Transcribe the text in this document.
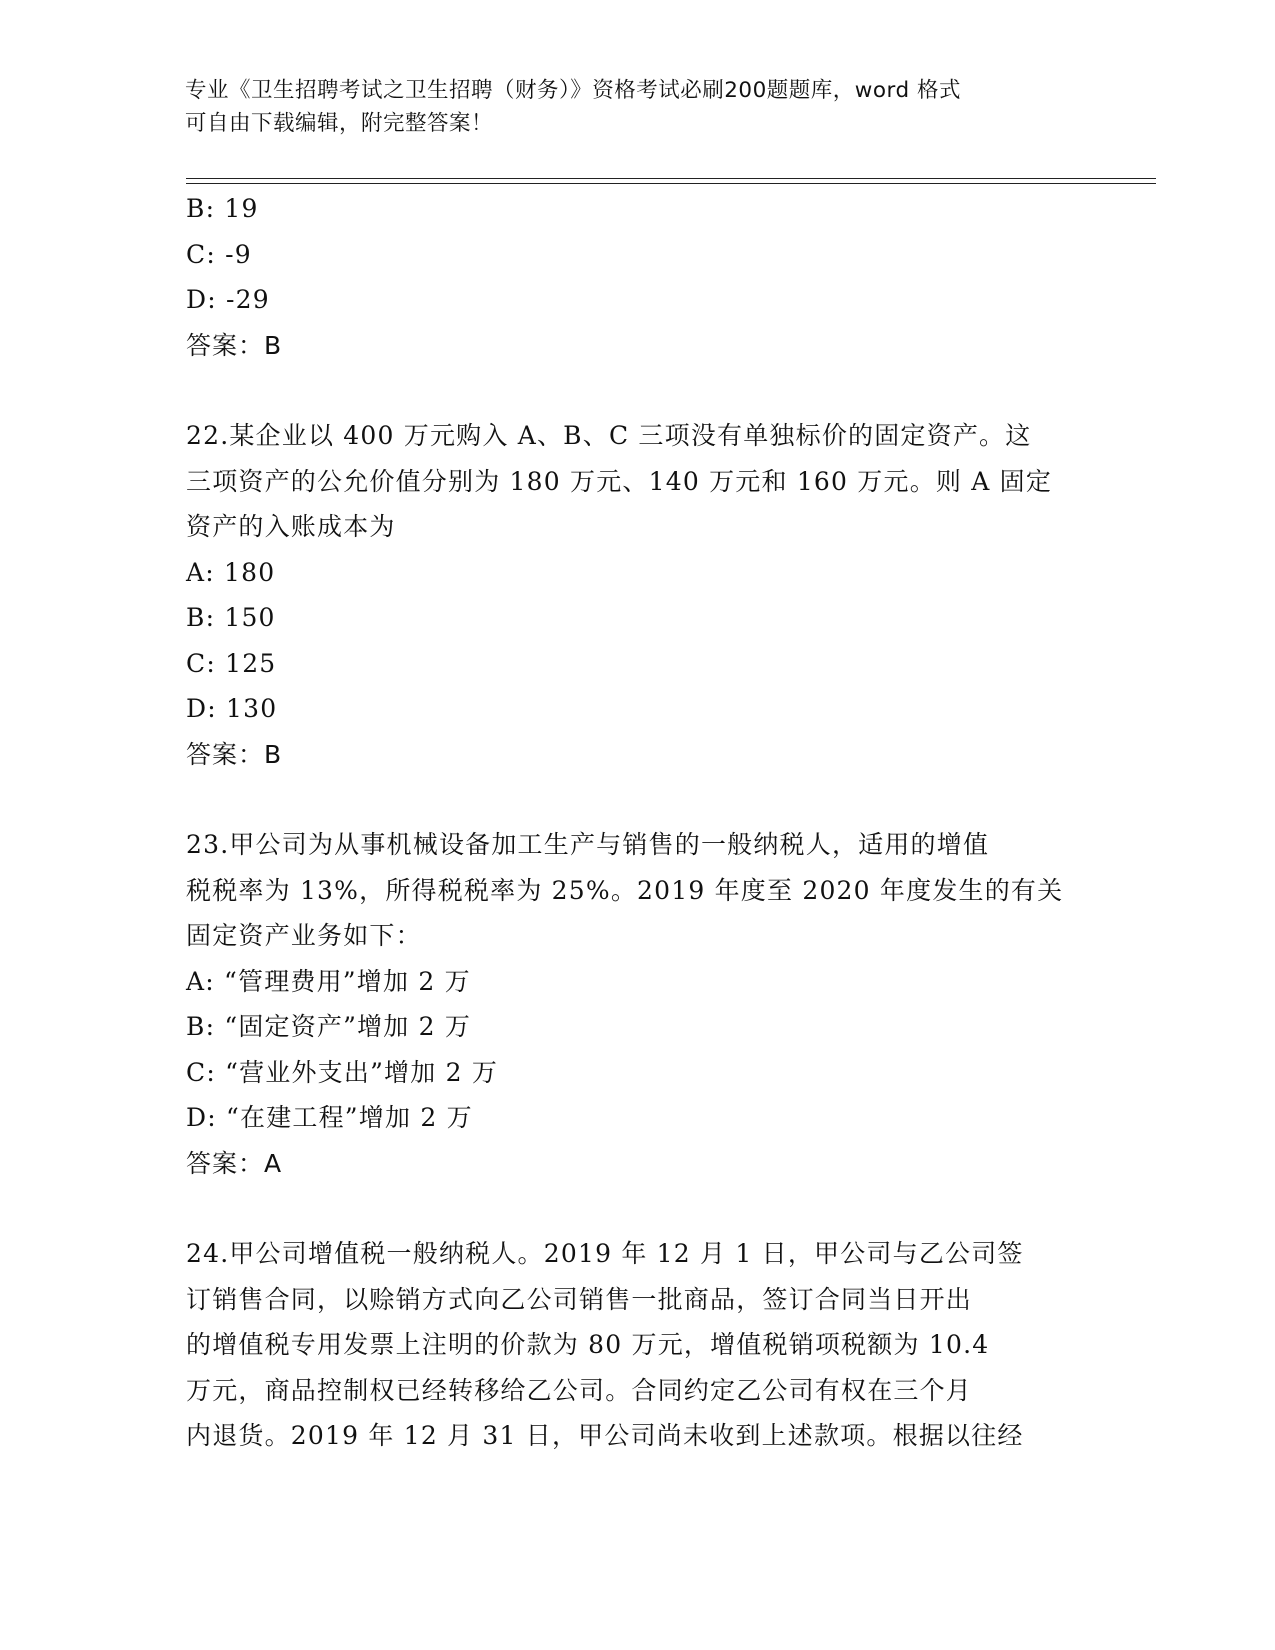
专业《卫生招聘考试之卫生招聘（财务）》资格考试必刷200题题库，word 格式
可自由下载编辑，附完整答案！
B: 19
C: -9
D: -29
答案：B
22.某企业以 400 万元购入 A、B、C 三项没有单独标价的固定资产。这
三项资产的公允价值分别为 180 万元、140 万元和 160 万元。则 A 固定
资产的入账成本为
A: 180
B: 150
C: 125
D: 130
答案：B
23.甲公司为从事机械设备加工生产与销售的一般纳税人，适用的增值
税税率为 13%，所得税税率为 25%。2019 年度至 2020 年度发生的有关
固定资产业务如下：
A: “管理费用”增加 2 万
B: “固定资产”增加 2 万
C: “营业外支出”增加 2 万
D: “在建工程”增加 2 万
答案：A
24.甲公司增值税一般纳税人。2019 年 12 月 1 日，甲公司与乙公司签
订销售合同，以赊销方式向乙公司销售一批商品，签订合同当日开出
的增值税专用发票上注明的价款为 80 万元，增值税销项税额为 10.4
万元，商品控制权已经转移给乙公司。合同约定乙公司有权在三个月
内退货。2019 年 12 月 31 日，甲公司尚未收到上述款项。根据以往经
